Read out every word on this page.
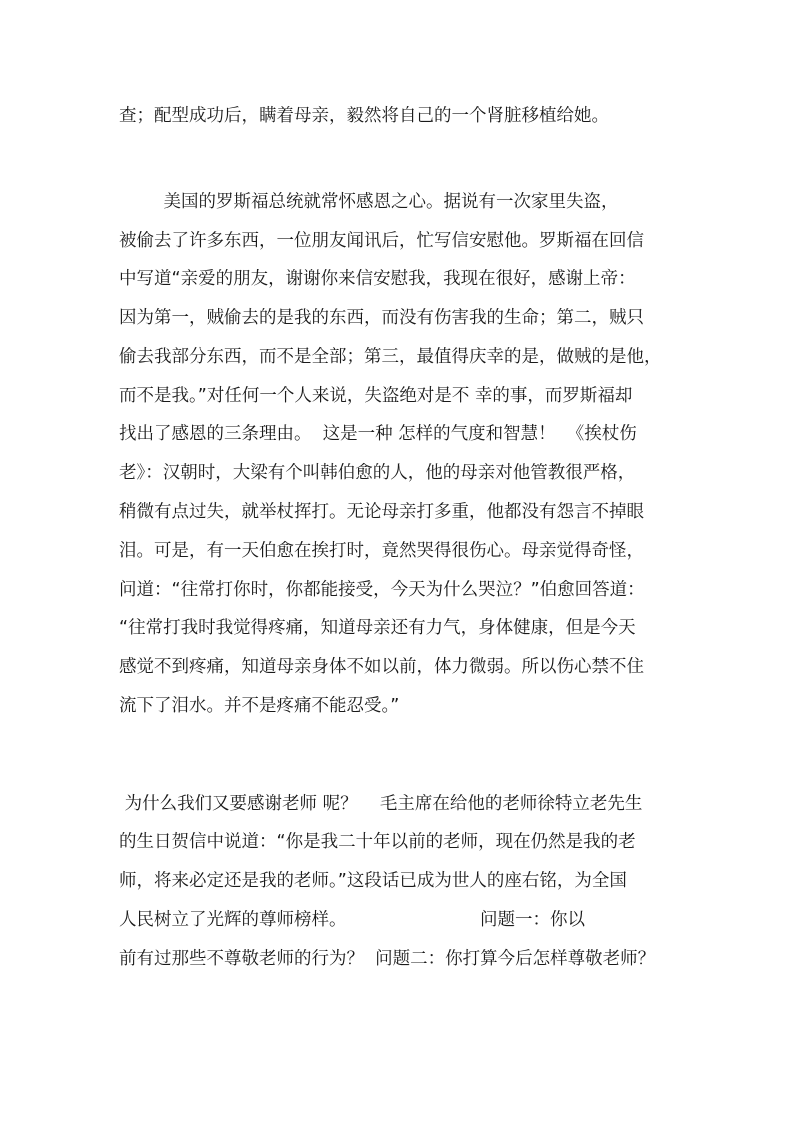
查；配型成功后，瞒着母亲，毅然将自己的一个肾脏移植给她。
美国的罗斯福总统就常怀感恩之心。据说有一次家里失盗，
被偷去了许多东西，一位朋友闻讯后，忙写信安慰他。罗斯福在回信
中写道“亲爱的朋友，谢谢你来信安慰我，我现在很好，感谢上帝：
因为第一，贼偷去的是我的东西，而没有伤害我的生命；第二，贼只
偷去我部分东西，而不是全部；第三，最值得庆幸的是，做贼的是他，
而不是我。”对任何一个人来说，失盗绝对是不 幸的事，而罗斯福却
找出了感恩的三条理由。  这是一种 怎样的气度和智慧！  《挨杖伤
老》：汉朝时，大梁有个叫韩伯愈的人，他的母亲对他管教很严格，
稍微有点过失，就举杖挥打。无论母亲打多重，他都没有怨言不掉眼
泪。可是，有一天伯愈在挨打时，竟然哭得很伤心。母亲觉得奇怪，
问道：“往常打你时，你都能接受，今天为什么哭泣？”伯愈回答道：
“往常打我时我觉得疼痛，知道母亲还有力气，身体健康，但是今天
感觉不到疼痛，知道母亲身体不如以前，体力微弱。所以伤心禁不住
流下了泪水。并不是疼痛不能忍受。”
为什么我们又要感谢老师 呢？    毛主席在给他的老师徐特立老先生
的生日贺信中说道：“你是我二十年以前的老师，现在仍然是我的老
师，将来必定还是我的老师。”这段话已成为世人的座右铭，为全国
人民树立了光辉的尊师榜样。                        问题一：你以
前有过那些不尊敬老师的行为？  问题二：你打算今后怎样尊敬老师？
